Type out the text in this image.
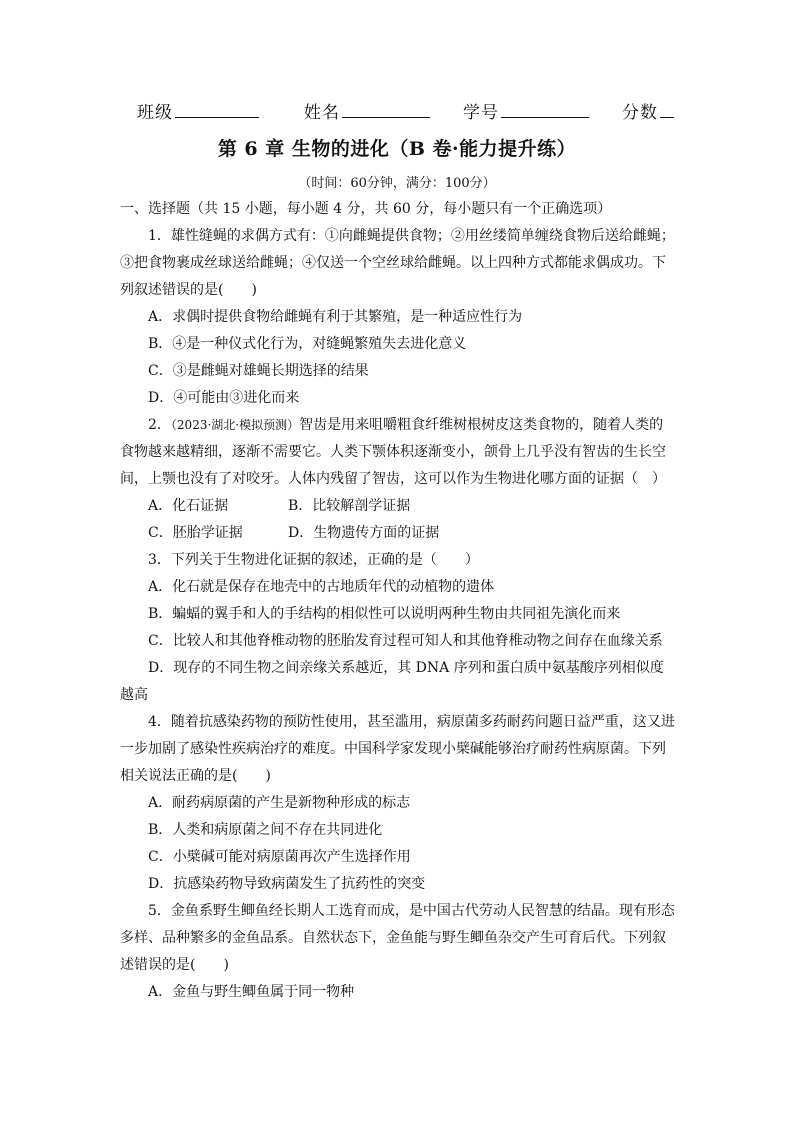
班级	姓名	学号	分数
第 6 章 生物的进化（B 卷·能力提升练）
（时间：60分钟，满分：100分）

一、选择题（共 15 小题，每小题 4 分，共 60 分，每小题只有一个正确选项）

1．雄性缝蝇的求偶方式有：①向雌蝇提供食物；②用丝缕简单缠绕食物后送给雌蝇；③把食物裹成丝球送给雌蝇；④仅送一个空丝球给雌蝇。以上四种方式都能求偶成功。下列叙述错误的是(　　)

A．求偶时提供食物给雌蝇有利于其繁殖，是一种适应性行为

B．④是一种仪式化行为，对缝蝇繁殖失去进化意义

C．③是雌蝇对雄蝇长期选择的结果

D．④可能由③进化而来

2．（2023·湖北·模拟预测）智齿是用来咀嚼粗食纤维树根树皮这类食物的，随着人类的食物越来越精细，逐渐不需要它。人类下颚体积逐渐变小，颌骨上几乎没有智齿的生长空间，上颚也没有了对咬牙。人体内残留了智齿，这可以作为生物进化哪方面的证据（　）

A．化石证据	B．比较解剖学证据

C．胚胎学证据	D．生物遗传方面的证据

3．下列关于生物进化证据的叙述，正确的是（　　）

A．化石就是保存在地壳中的古地质年代的动植物的遗体

B．蝙蝠的翼手和人的手结构的相似性可以说明两种生物由共同祖先演化而来

C．比较人和其他脊椎动物的胚胎发育过程可知人和其他脊椎动物之间存在血缘关系

D．现存的不同生物之间亲缘关系越近，其 DNA 序列和蛋白质中氨基酸序列相似度越高

4．随着抗感染药物的预防性使用，甚至滥用，病原菌多药耐药问题日益严重，这又进一步加剧了感染性疾病治疗的难度。中国科学家发现小檗碱能够治疗耐药性病原菌。下列相关说法正确的是(　　)

A．耐药病原菌的产生是新物种形成的标志

B．人类和病原菌之间不存在共同进化

C．小檗碱可能对病原菌再次产生选择作用

D．抗感染药物导致病菌发生了抗药性的突变

5．金鱼系野生鲫鱼经长期人工选育而成，是中国古代劳动人民智慧的结晶。现有形态多样、品种繁多的金鱼品系。自然状态下，金鱼能与野生鲫鱼杂交产生可育后代。下列叙述错误的是(　　)

A．金鱼与野生鲫鱼属于同一物种
